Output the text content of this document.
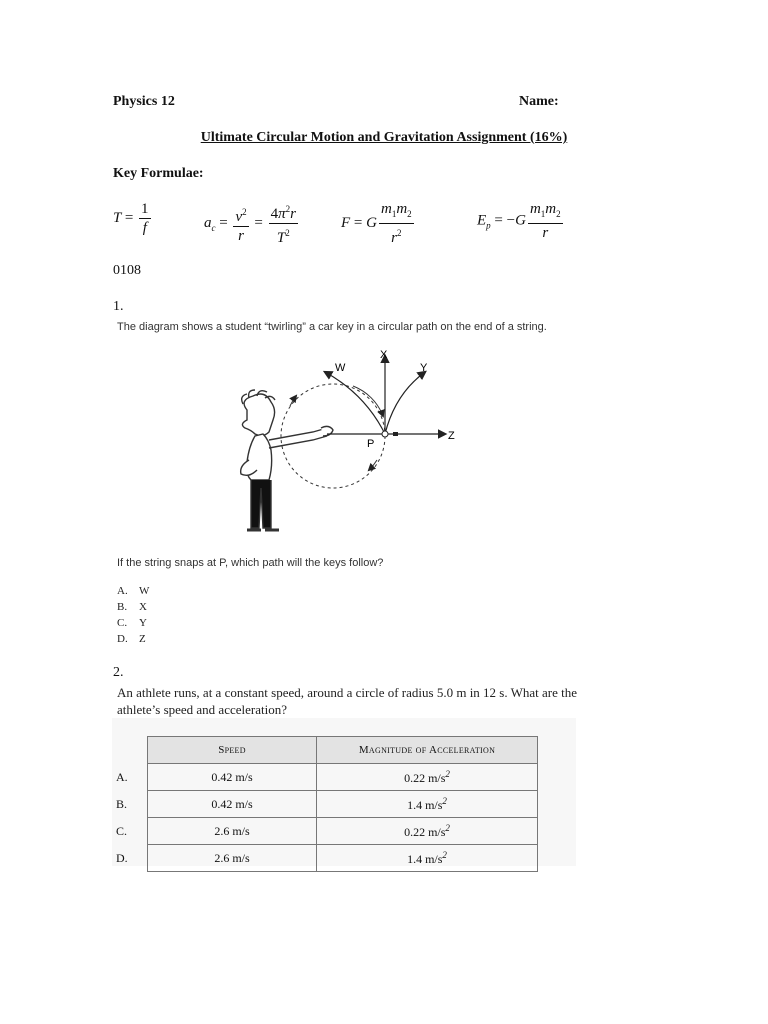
Physics 12	Name:
Ultimate Circular Motion and Gravitation Assignment (16%)
Key Formulae:
$T = \frac{1}{f}$	$a_c = \frac{v^2}{r} = \frac{4\pi^2r}{T^2}$	F = G $\frac{m_1m_2}{r^2}$	$E_p = -G \frac{m_1m_2}{r}$
0108
1.
The diagram shows a student “twirling” a car key in a circular path on the end of a string.
W
X
Y
Z
P
If the string snaps at P, which path will the keys follow?
A. W
B. X
C. Y
D. Z
2.
An athlete runs, at a constant speed, around a circle of radius 5.0 m in 12 s. What are the
athlete’s speed and acceleration?
	Speed	Magnitude of Acceleration
A.	0.42 m/s	0.22 $m/s^2$
B.	0.42 m/s	1.4 $m/s^2$
C.	2.6 m/s	0.22 $m/s^2$
D.	2.6 m/s	1.4 $m/s^2$
